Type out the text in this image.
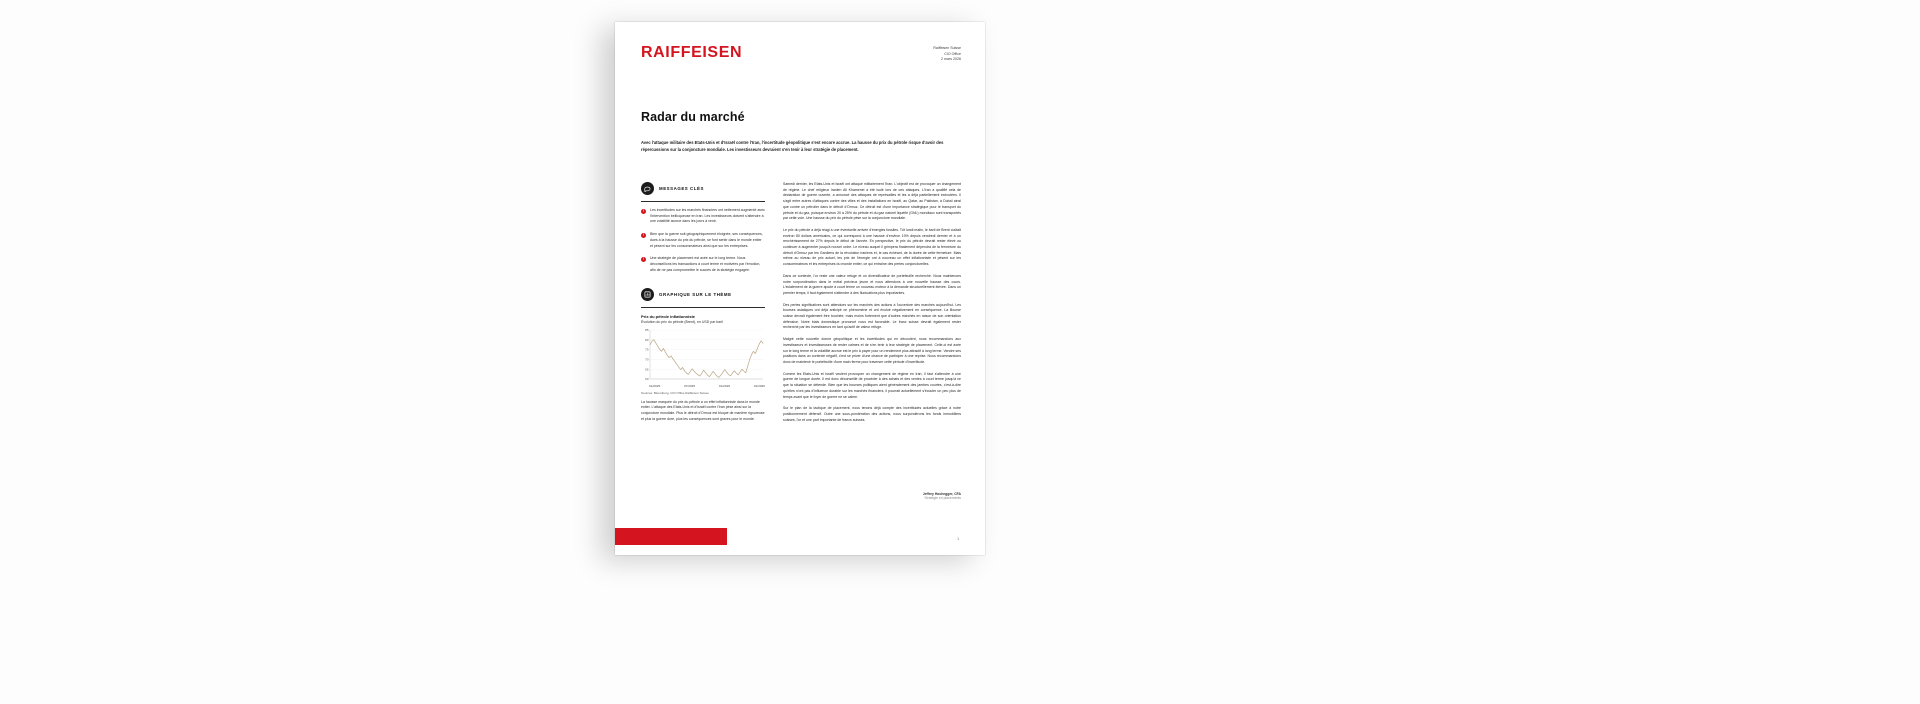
RAIFFEISEN	Raiffeisen Suisse
CIO Office
2 mars 2026
Radar du marché
Avec l'attaque militaire des Etats-Unis et d'Israël contre l'Iran, l'incertitude géopolitique s'est encore accrue. La hausse du prix du pétrole risque d'avoir des répercussions sur la conjoncture mondiale. Les investisseurs devraient s'en tenir à leur stratégie de placement.
MESSAGES CLÉS
!	Les incertitudes sur les marchés financiers ont nettement augmenté avec l'intervention bellicqueuse en Iran. Les investisseurs doivent s'attendre à une volatilité accrue dans les jours à venir.
!	Bien que la guerre soit géographiquement éloignée, ses conséquences, dues à la hausse du prix du pétrole, se font sentir dans le monde entier et pèsent sur les consommateurs ainsi que sur les entreprises.
!	Une stratégie de placement est axée sur le long terme. Nous déconseillons les transactions à court terme et motivées par l'émotion, afin de ne pas compromettre le succès de la stratégie engagée.
GRAPHIQUE SUR LE THÈME
Prix du pétrole inflationniste
Évolution du prix du pétrole (Brent), en USD par baril
60
65
70
75
80
85
01/2025	07/2025	01/2026	01/2026
Sources: Bloomberg, CIO Office Raiffeisen Suisse
La hausse marquée du prix du pétrole a un effet inflationniste dans le monde entier. L'attaque des Etats-Unis et d'Israël contre l'Iran pèse ainsi sur la conjoncture mondiale. Plus le détroit d'Ormuz est bloqué de manière rigoureuse et plus la guerre dure, plus les conséquences sont graves pour le monde.
Samedi dernier, les Etats-Unis et Israël ont attaqué militairement l'Iran. L'objectif est de provoquer un changement de régime. Le chef religieux iranien Ali Khamenei a été isolé lors de ces attaques. L'Iran a qualifié cela de déclaration de guerre ouverte, a annoncé des attaques de représailles et les a déjà partiellement exécutées. Il s'agit entre autres d'attaques contre des villes et des installations en Israël, au Qatar, au Pakistan, à Dubaï ainsi que contre un pétrolier dans le détroit d'Ormuz. Ce détroit est d'une importance stratégique pour le transport du pétrole et du gaz, puisque environ 20 à 25% du pétrole et du gaz naturel liquéfié (GNL) mondiaux sont transportés par cette voie. Une hausse du prix du pétrole pèse sur la conjoncture mondiale.
Le prix du pétrole a déjà réagi à une éventuelle arrivée d'énergies fossiles. Tôt lundi matin, le baril de Brent coûtait environ 80 dollars américains, ce qui correspond à une hausse d'environ 10% depuis vendredi dernier et à un renchérissement de 27% depuis le début de l'année. En perspective, le prix du pétrole devrait rester élevé ou continuer à augmenter jusqu'à nouvel ordre. Le niveau auquel il grimpera finalement dépendra de la fermeture du détroit d'Ormuz par les Gardiens de la révolution iraniens et, le cas échéant, de la durée de cette fermeture. Mais même au niveau de prix actuel, les prix de l'énergie ont à nouveau un effet inflationniste et pèsent sur les consommateurs et les entreprises du monde entier, ce qui entraîne des pertes conjoncturelles.
Dans ce contexte, l'or reste une valeur refuge et un diversificateur de portefeuille recherché. Nous maintenons notre surpondération dans le métal précieux jeune et nous attendons à une nouvelle hausse des cours. L'éclatement de la guerre ajoute à court terme un nouveau moteur à la demande structurellement élevée. Dans un premier temps, il faut également s'attendre à des fluctuations plus importantes.
Des pertes significatives sont attendues sur les marchés des actions à l'ouverture des marchés aujourd'hui. Les bourses asiatiques ont déjà anticipé ce phénomène et ont évolué négativement en conséquence. La Bourse suisse devrait également être touchée, mais moins fortement que d'autres marchés en raison de son orientation défensive. Notre biais domestique prononcé nous est favorable. Le franc suisse devrait également rester recherché par les investisseurs en tant qu'actif de valeur refuge.
Malgré cette nouvelle donne géopolitique et les incertitudes qui en découlent, nous recommandons aux investisseurs et investisseuses de rester calmes et de s'en tenir à leur stratégie de placement. Celle-ci est axée sur le long terme et la volatilité accrue est le prix à payer pour un rendement plus attractif à long terme. Vendre ses positions dans un contexte négatif, c'est se priver d'une chance de participer à une reprise. Nous recommandons donc de maintenir le portefeuille d'une main ferme pour traverser cette période d'incertitude.
Comme les Etats-Unis et Israël veulent provoquer un changement de régime en Iran, il faut s'attendre à une guerre de longue durée. Il est donc déconseillé de procéder à des achats et des ventes à court terme jusqu'à ce que la situation se détende. Bien que les bourses politiques aient généralement des jambes courtes, c'est-à-dire qu'elles n'ont pas d'influence durable sur les marchés financiers, il pourrait actuellement s'écouler un peu plus de temps avant que le foyer de guerre ne se calme.
Sur le plan de la tactique de placement, nous tenons déjà compte des incertitudes actuelles grâce à notre positionnement défensif. Outre une sous-pondération des actions, nous surpondérons les fonds immobiliers suisses, l'or et une part importante de francs suisses.
Jeffrey Hochegger, CFA
Stratégie en placements
1
